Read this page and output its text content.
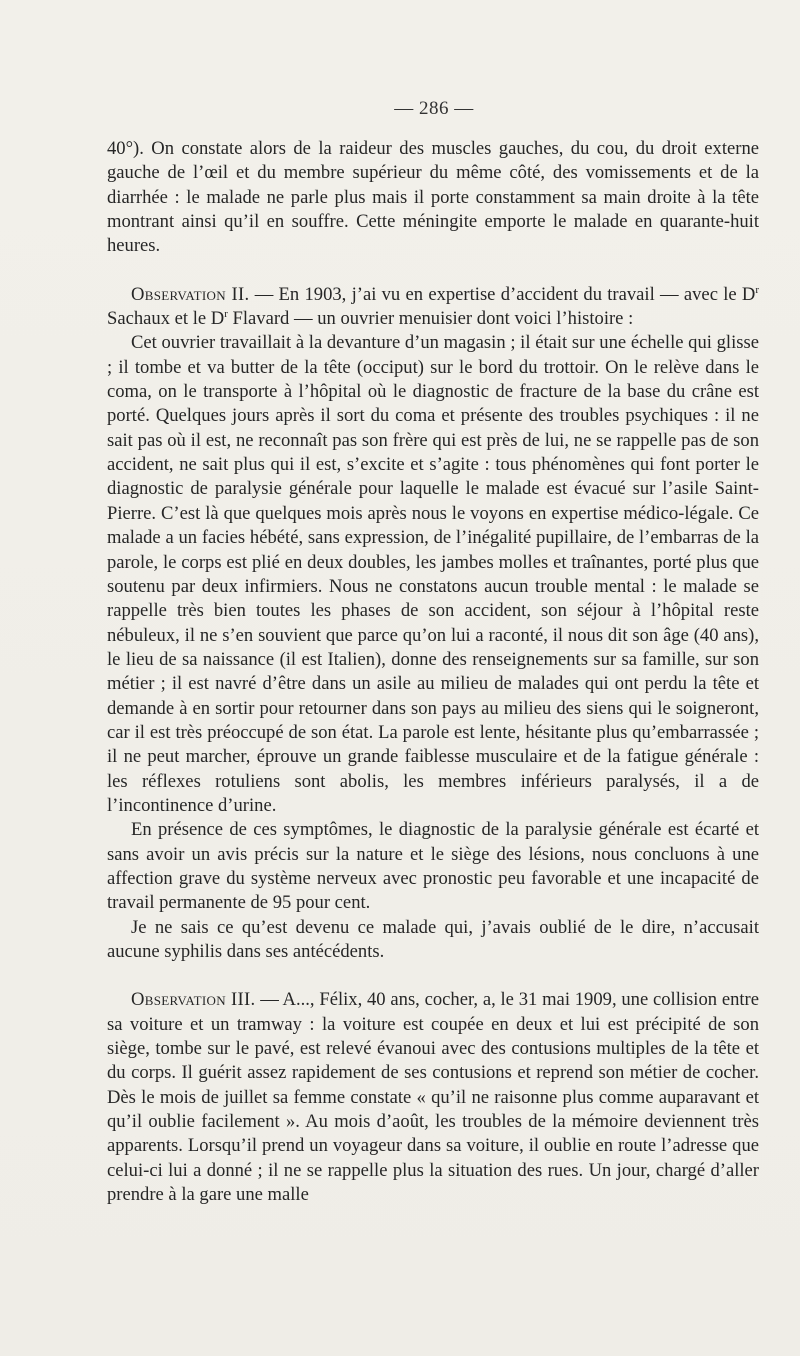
— 286 —

40°). On constate alors de la raideur des muscles gauches, du cou, du droit externe gauche de l’œil et du membre supérieur du même côté, des vomissements et de la diarrhée : le malade ne parle plus mais il porte constamment sa main droite à la tête montrant ainsi qu’il en souffre. Cette méningite emporte le malade en quarante-huit heures.

Observation II. — En 1903, j’ai vu en expertise d’accident du travail — avec le $D^r$ Sachaux et le $D^r$ Flavard — un ouvrier menuisier dont voici l’histoire :

Cet ouvrier travaillait à la devanture d’un magasin ; il était sur une échelle qui glisse ; il tombe et va butter de la tête (occiput) sur le bord du trottoir. On le relève dans le coma, on le transporte à l’hôpital où le diagnostic de fracture de la base du crâne est porté. Quelques jours après il sort du coma et présente des troubles psychiques : il ne sait pas où il est, ne reconnaît pas son frère qui est près de lui, ne se rappelle pas de son accident, ne sait plus qui il est, s’excite et s’agite : tous phénomènes qui font porter le diagnostic de paralysie générale pour laquelle le malade est évacué sur l’asile Saint-Pierre. C’est là que quelques mois après nous le voyons en expertise médico-légale. Ce malade a un facies hébété, sans expression, de l’inégalité pupillaire, de l’embarras de la parole, le corps est plié en deux doubles, les jambes molles et traînantes, porté plus que soutenu par deux infirmiers. Nous ne constatons aucun trouble mental : le malade se rappelle très bien toutes les phases de son accident, son séjour à l’hôpital reste nébuleux, il ne s’en souvient que parce qu’on lui a raconté, il nous dit son âge (40 ans), le lieu de sa naissance (il est Italien), donne des renseignements sur sa famille, sur son métier ; il est navré d’être dans un asile au milieu de malades qui ont perdu la tête et demande à en sortir pour retourner dans son pays au milieu des siens qui le soigneront, car il est très préoccupé de son état. La parole est lente, hésitante plus qu’embarrassée ; il ne peut marcher, éprouve un grande faiblesse musculaire et de la fatigue générale : les réflexes rotuliens sont abolis, les membres inférieurs paralysés, il a de l’incontinence d’urine.

En présence de ces symptômes, le diagnostic de la paralysie générale est écarté et sans avoir un avis précis sur la nature et le siège des lésions, nous concluons à une affection grave du système nerveux avec pronostic peu favorable et une incapacité de travail permanente de 95 pour cent.

Je ne sais ce qu’est devenu ce malade qui, j’avais oublié de le dire, n’accusait aucune syphilis dans ses antécédents.

Observation III. — A..., Félix, 40 ans, cocher, a, le 31 mai 1909, une collision entre sa voiture et un tramway : la voiture est coupée en deux et lui est précipité de son siège, tombe sur le pavé, est relevé évanoui avec des contusions multiples de la tête et du corps. Il guérit assez rapidement de ses contusions et reprend son métier de cocher. Dès le mois de juillet sa femme constate « qu’il ne raisonne plus comme auparavant et qu’il oublie facilement ». Au mois d’août, les troubles de la mémoire deviennent très apparents. Lorsqu’il prend un voyageur dans sa voiture, il oublie en route l’adresse que celui-ci lui a donné ; il ne se rappelle plus la situation des rues. Un jour, chargé d’aller prendre à la gare une malle
